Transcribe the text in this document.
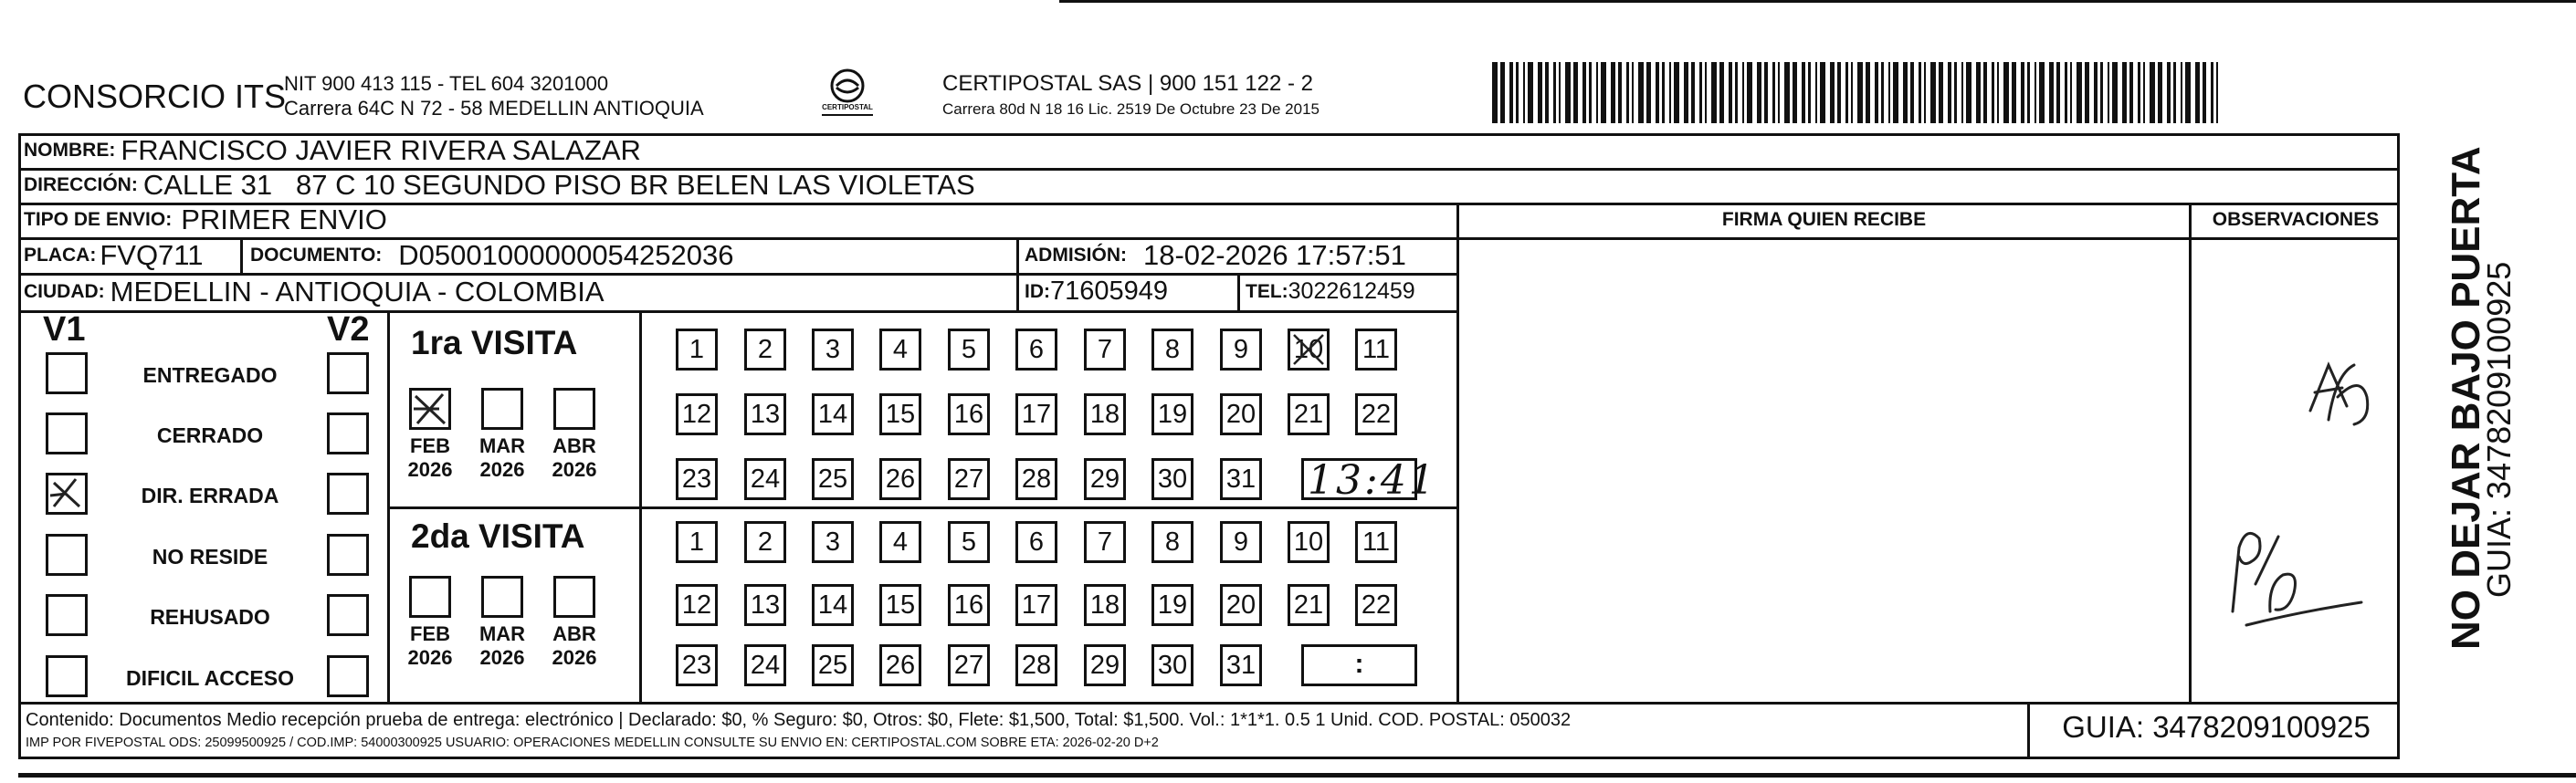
CONSORCIO ITS
NIT 900 413 115 - TEL 604 3201000
Carrera 64C N 72 - 58 MEDELLIN ANTIOQUIA	CERTIPOSTAL
CERTIPOSTAL SAS | 900 151 122 - 2
Carrera 80d N 18 16 Lic. 2519 De Octubre 23 De 2015
NOMBRE: FRANCISCO JAVIER RIVERA SALAZAR
DIRECCIÓN: CALLE 31   87 C 10 SEGUNDO PISO BR BELEN LAS VIOLETAS
TIPO DE ENVIO: PRIMER ENVIO	FIRMA QUIEN RECIBE	OBSERVACIONES
PLACA: FVQ711 DOCUMENTO: D05001000000054252036	ADMISIÓN: 18-02-2026 17:57:51
CIUDAD: MEDELLIN - ANTIOQUIA - COLOMBIA	ID: 71605949	TEL: 3022612459
V1	V2
ENTREGADO
CERRADO
DIR. ERRADA
NO RESIDE
REHUSADO
DIFICIL ACCESO
1ra VISITA
2da VISITA
FEB
2026
MAR
2026
ABR
2026
FEB
2026
MAR
2026
ABR
2026
1	2	3	4	5	6	7	8	9	10 11
12 13 14 15 16 17 18 19 20 21 22
23 24 25 26 27 28 29 30 31
1	2	3	4	5	6	7	8	9	10 11
12 13 14 15 16 17 18 19 20 21 22
23 24 25 26 27 28 29 30 31
13:41
:
Contenido: Documentos Medio recepción prueba de entrega: electrónico | Declarado: $0, % Seguro: $0, Otros: $0, Flete: $1,500, Total: $1,500. Vol.: 1*1*1. 0.5 1 Unid. COD. POSTAL: 050032
IMP POR FIVEPOSTAL ODS: 25099500925 / COD.IMP: 54000300925 USUARIO: OPERACIONES MEDELLIN CONSULTE SU ENVIO EN: CERTIPOSTAL.COM SOBRE ETA: 2026-02-20 D+2	GUIA: 3478209100925
NO DEJAR BAJO PUERTA
GUIA: 3478209100925
